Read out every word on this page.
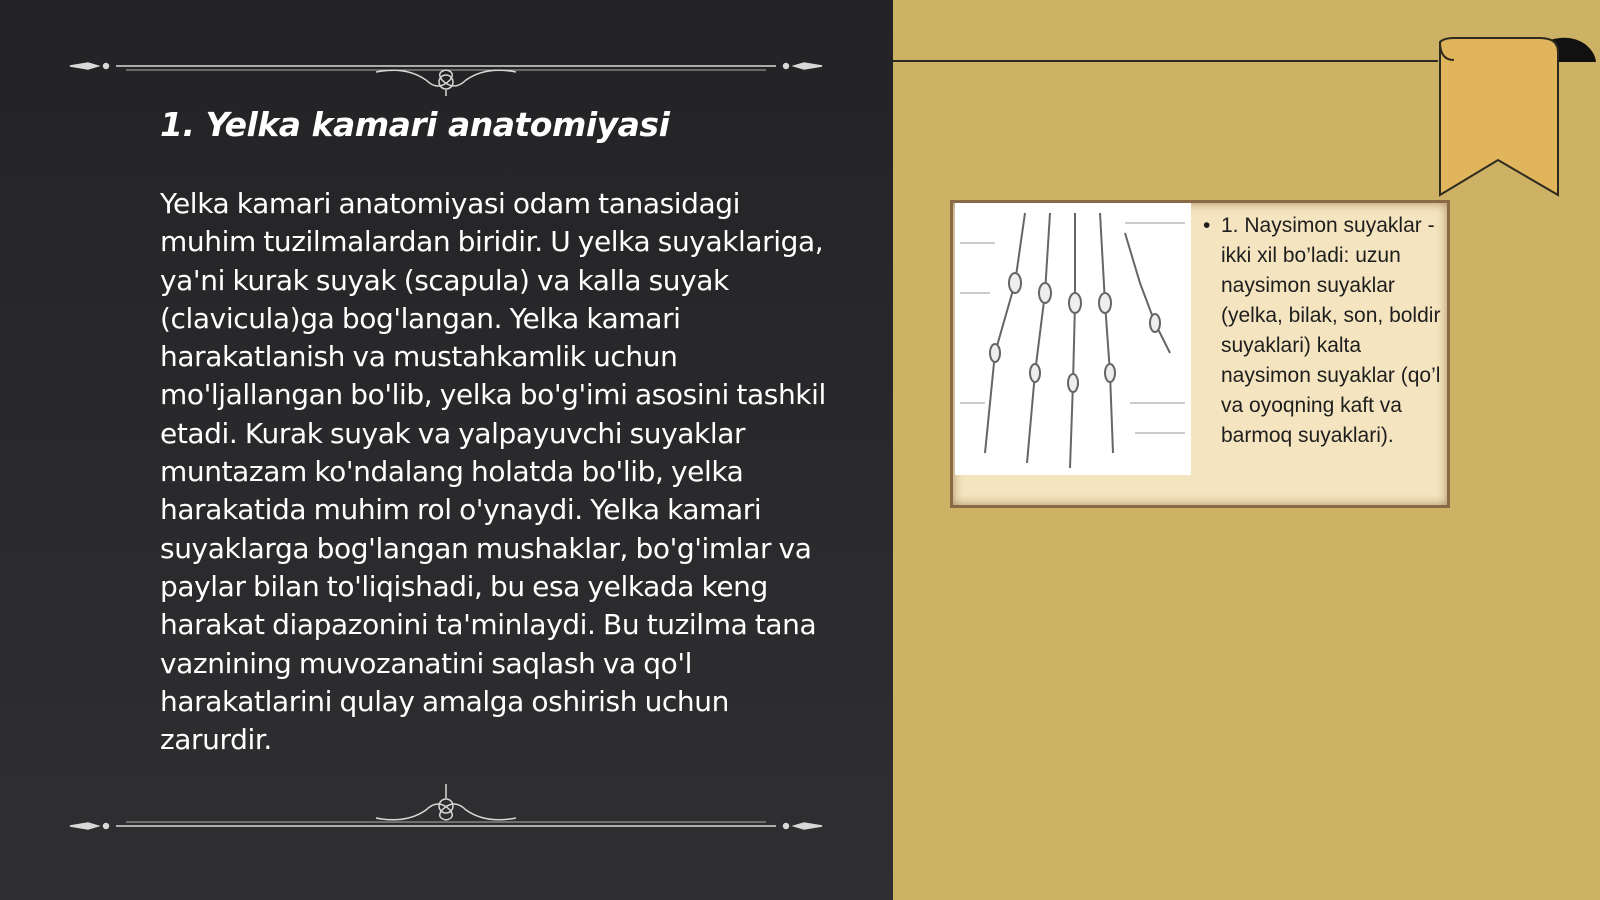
1. Yelka kamari anatomiyasi

Yelka kamari anatomiyasi odam tanasidagi muhim tuzilmalardan biridir. U yelka suyaklariga, ya'ni kurak suyak (scapula) va kalla suyak (clavicula)ga bog'langan. Yelka kamari harakatlanish va mustahkamlik uchun mo'ljallangan bo'lib, yelka bo'g'imi asosini tashkil etadi. Kurak suyak va yalpayuvchi suyaklar muntazam ko'ndalang holatda bo'lib, yelka harakatida muhim rol o'ynaydi. Yelka kamari suyaklarga bog'langan mushaklar, bo'g'imlar va paylar bilan to'liqishadi, bu esa yelkada keng harakat diapazonini ta'minlaydi. Bu tuzilma tana vaznining muvozanatini saqlash va qo'l harakatlarini qulay amalga oshirish uchun zarurdir.

• 1. Naysimon suyaklar - ikki xil bo’ladi: uzun naysimon suyaklar (yelka, bilak, son, boldir suyaklari) kalta naysimon suyaklar (qo’l va oyoqning kaft va barmoq suyaklari).
